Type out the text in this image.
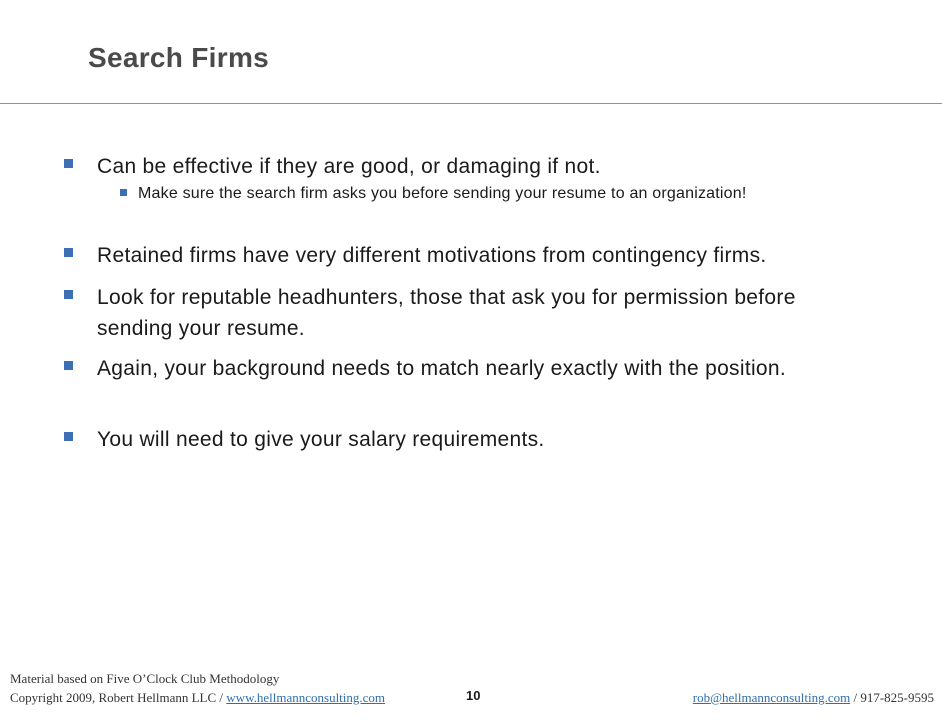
Search Firms
Can be effective if they are good, or damaging if not.
Make sure the search firm asks you before sending your resume to an organization!
Retained firms have very different motivations from contingency firms.
Look for reputable headhunters, those that ask you for permission before sending your resume.
Again, your background needs to match nearly exactly with the position.
You will need to give your salary requirements.
Material based on Five O’Clock Club Methodology
Copyright 2009, Robert Hellmann LLC / www.hellmannconsulting.com	10	rob@hellmannconsulting.com / 917-825-9595
